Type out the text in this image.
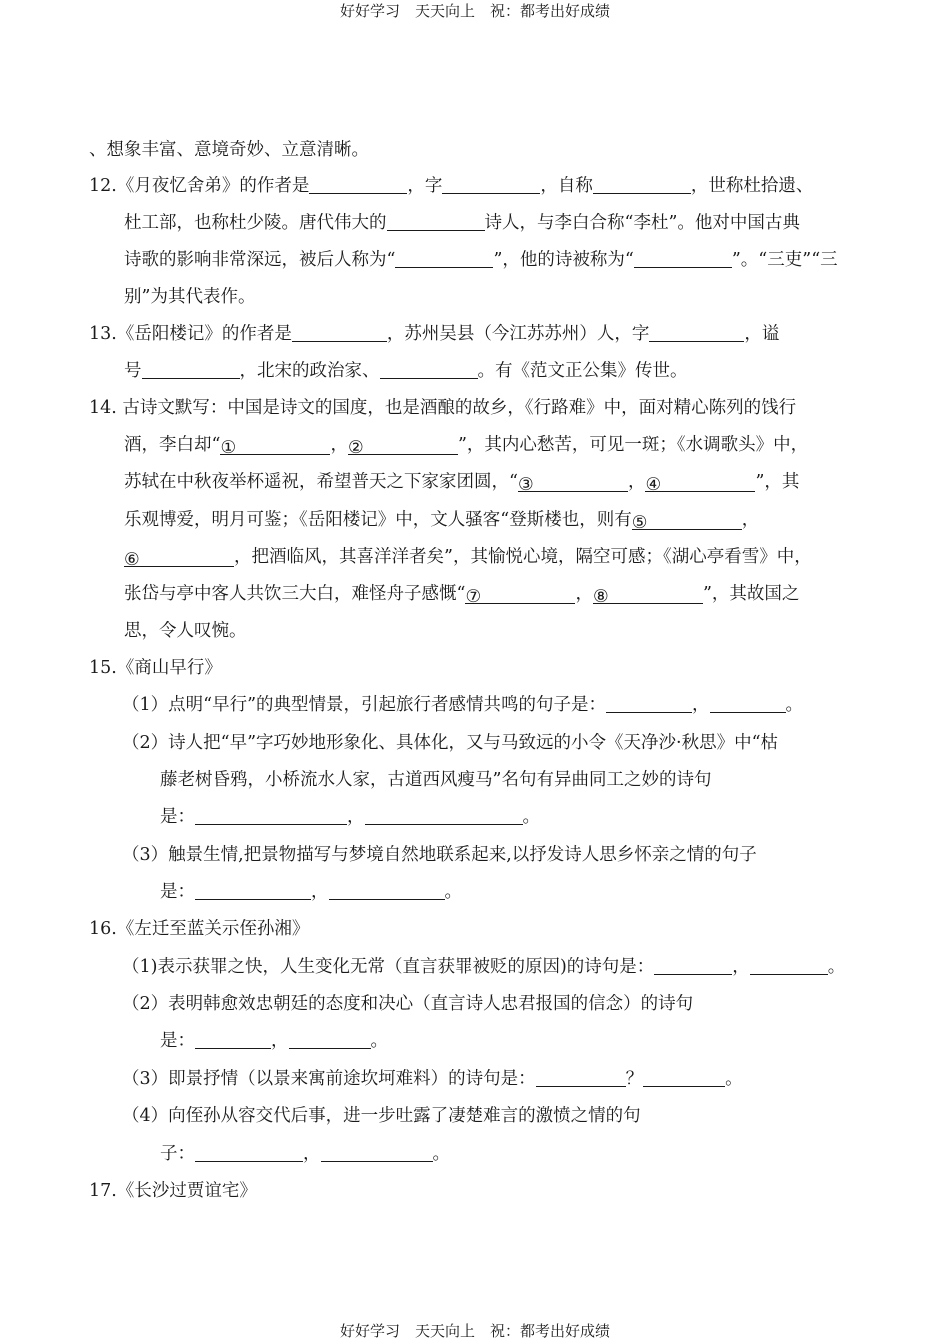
好好学习　天天向上　祝：都考出好成绩
、想象丰富、意境奇妙、立意清晰。
12.《月夜忆舍弟》的作者是	，字	，自称	，世称杜拾遗、
杜工部，也称杜少陵。唐代伟大的	诗人，与李白合称“李杜”。他对中国古典
诗歌的影响非常深远，被后人称为“	”，他的诗被称为“	”。“三吏”“三
别”为其代表作。
13.《岳阳楼记》的作者是	，苏州吴县（今江苏苏州）人，字	，谥
号	，北宋的政治家、	。有《范文正公集》传世。
14. 古诗文默写：中国是诗文的国度，也是酒酿的故乡，《行路难》中，面对精心陈列的饯行
酒，李白却“①	，②	”，其内心愁苦，可见一斑；《水调歌头》中，
苏轼在中秋夜举杯遥祝，希望普天之下家家团圆，“③	，④	”，其
乐观博爱，明月可鉴；《岳阳楼记》中，文人骚客“登斯楼也，则有⑤	，
⑥	，把酒临风，其喜洋洋者矣”，其愉悦心境，隔空可感；《湖心亭看雪》中，
张岱与亭中客人共饮三大白，难怪舟子感慨“⑦	，⑧	”，其故国之
思，令人叹惋。
15.《商山早行》
（1）点明“早行”的典型情景，引起旅行者感情共鸣的句子是：	，	。
（2）诗人把“早”字巧妙地形象化、具体化，又与马致远的小令《天净沙·秋思》中“枯
藤老树昏鸦，小桥流水人家，古道西风瘦马”名句有异曲同工之妙的诗句
是：	，	。
（3）触景生情,把景物描写与梦境自然地联系起来,以抒发诗人思乡怀亲之情的句子
是：	，	。
16.《左迁至蓝关示侄孙湘》
（1)表示获罪之快，人生变化无常（直言获罪被贬的原因)的诗句是：	，	。
（2）表明韩愈效忠朝廷的态度和决心（直言诗人忠君报国的信念）的诗句
是：	，	。
（3）即景抒情（以景来寓前途坎坷难料）的诗句是：	？	。
（4）向侄孙从容交代后事，进一步吐露了凄楚难言的激愤之情的句
子：	，	。
17.《长沙过贾谊宅》
好好学习　天天向上　祝：都考出好成绩
